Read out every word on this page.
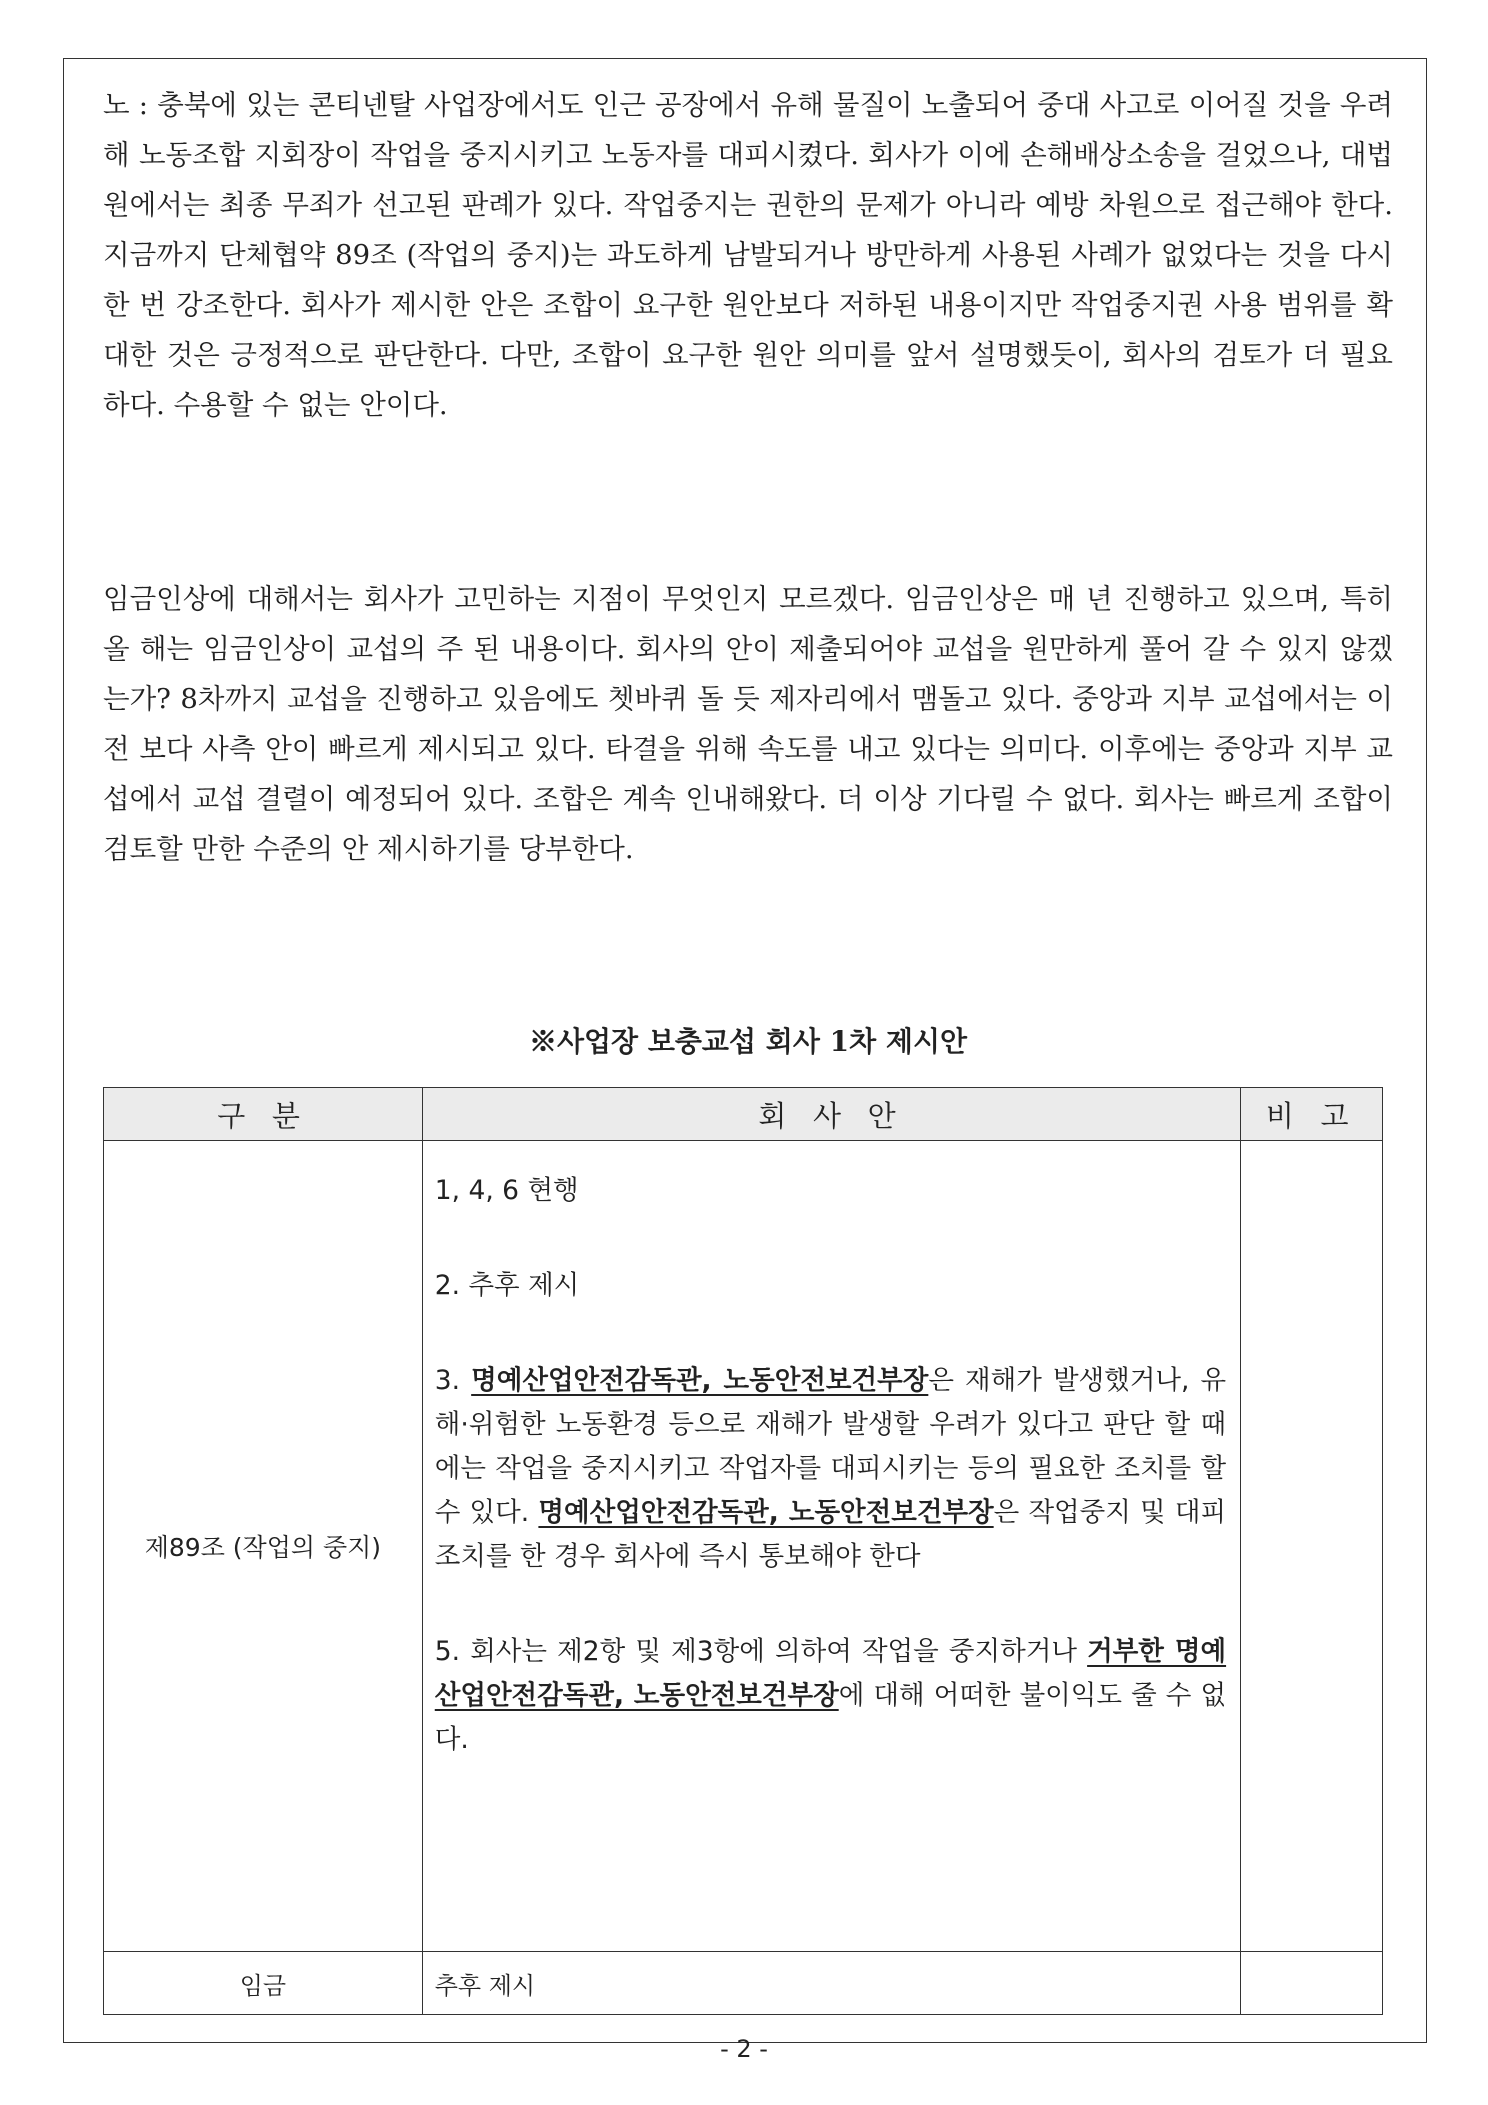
노 : 충북에 있는 콘티넨탈 사업장에서도 인근 공장에서 유해 물질이 노출되어 중대 사고로 이어질 것을 우려해 노동조합 지회장이 작업을 중지시키고 노동자를 대피시켰다. 회사가 이에 손해배상소송을 걸었으나, 대법원에서는 최종 무죄가 선고된 판례가 있다. 작업중지는 권한의 문제가 아니라 예방 차원으로 접근해야 한다. 지금까지 단체협약 89조 (작업의 중지)는 과도하게 남발되거나 방만하게 사용된 사례가 없었다는 것을 다시 한 번 강조한다. 회사가 제시한 안은 조합이 요구한 원안보다 저하된 내용이지만 작업중지권 사용 범위를 확대한 것은 긍정적으로 판단한다. 다만, 조합이 요구한 원안 의미를 앞서 설명했듯이, 회사의 검토가 더 필요하다. 수용할 수 없는 안이다.

임금인상에 대해서는 회사가 고민하는 지점이 무엇인지 모르겠다. 임금인상은 매 년 진행하고 있으며, 특히 올 해는 임금인상이 교섭의 주 된 내용이다. 회사의 안이 제출되어야 교섭을 원만하게 풀어 갈 수 있지 않겠는가? 8차까지 교섭을 진행하고 있음에도 쳇바퀴 돌 듯 제자리에서 맴돌고 있다. 중앙과 지부 교섭에서는 이전 보다 사측 안이 빠르게 제시되고 있다. 타결을 위해 속도를 내고 있다는 의미다. 이후에는 중앙과 지부 교섭에서 교섭 결렬이 예정되어 있다. 조합은 계속 인내해왔다. 더 이상 기다릴 수 없다. 회사는 빠르게 조합이 검토할 만한 수준의 안 제시하기를 당부한다.

※사업장 보충교섭 회사 1차 제시안

구 분	회 사 안	비 고
제89조 (작업의 중지)	1, 4, 6 현행

2. 추후 제시

3. 명예산업안전감독관, 노동안전보건부장은 재해가 발생했거나, 유해·위험한 노동환경 등으로 재해가 발생할 우려가 있다고 판단 할 때에는 작업을 중지시키고 작업자를 대피시키는 등의 필요한 조치를 할 수 있다. 명예산업안전감독관, 노동안전보건부장은 작업중지 및 대피 조치를 한 경우 회사에 즉시 통보해야 한다

5. 회사는 제2항 및 제3항에 의하여 작업을 중지하거나 거부한 명예산업안전감독관, 노동안전보건부장에 대해 어떠한 불이익도 줄 수 없다.	

임금	추후 제시	
- 2 -
